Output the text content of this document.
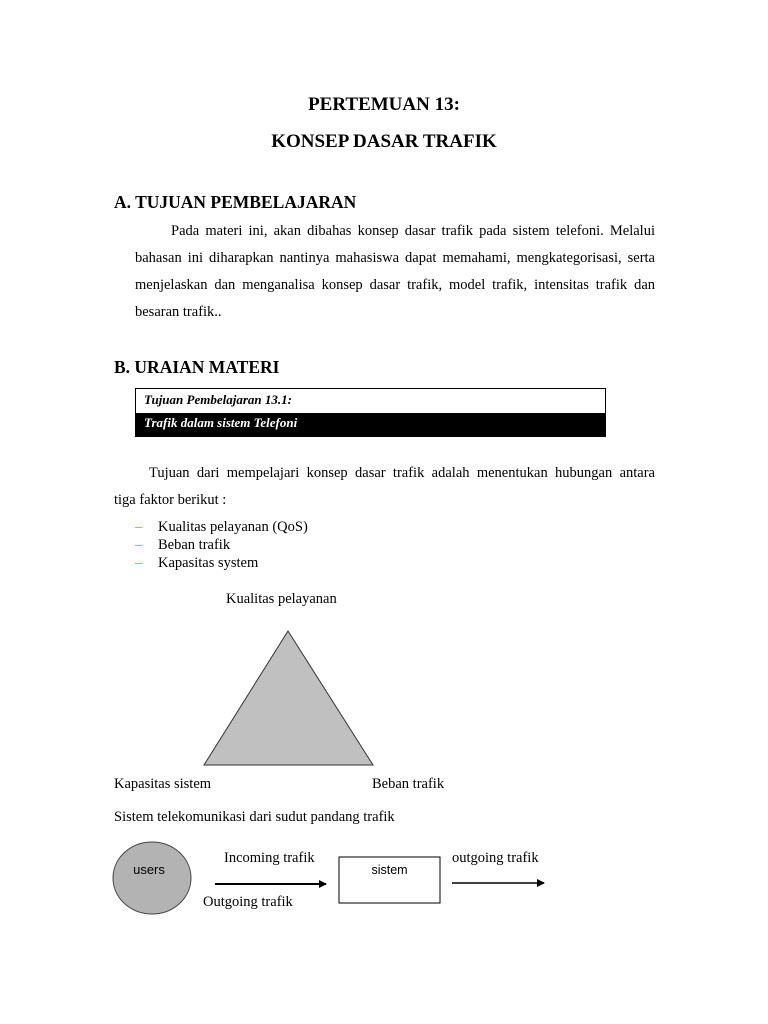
PERTEMUAN 13:
KONSEP DASAR TRAFIK
A. TUJUAN PEMBELAJARAN
Pada materi ini, akan dibahas konsep dasar trafik pada sistem telefoni. Melalui
bahasan ini diharapkan nantinya mahasiswa dapat memahami, mengkategorisasi, serta menjelaskan dan menganalisa konsep dasar trafik, model trafik, intensitas trafik dan besaran trafik..
B. URAIAN MATERI
Tujuan Pembelajaran 13.1:
Trafik dalam sistem Telefoni
Tujuan dari mempelajari konsep dasar trafik adalah menentukan hubungan antara
tiga faktor berikut :
–	Kualitas pelayanan (QoS)
–	Beban trafik
–	Kapasitas system
Kualitas pelayanan
Kapasitas sistem	Beban trafik
Sistem telekomunikasi dari sudut pandang trafik
users
Incoming trafik
Outgoing trafik
sistem
outgoing trafik
